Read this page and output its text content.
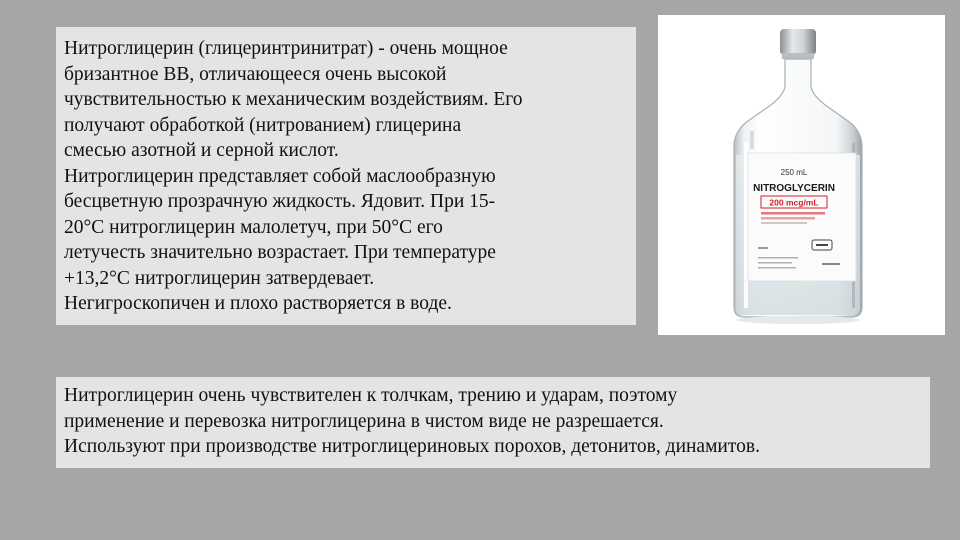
Нитроглицерин (глицеринтринитрат) - очень мощное
бризантное ВВ, отличающееся очень высокой
чувствительностью к механическим воздействиям. Его
получают обработкой (нитрованием) глицерина
смесью азотной и серной кислот.
Нитроглицерин представляет собой маслообразную
бесцветную прозрачную жидкость. Ядовит. При 15-
20°С нитроглицерин малолетуч, при 50°С его
летучесть значительно возрастает. При температуре
+13,2°С нитроглицерин затвердевает.
Негигроскопичен и плохо растворяется в воде.
250 mL
NITROGLYCERIN
200 mcg/mL
Нитроглицерин очень чувствителен к толчкам, трению и ударам, поэтому
применение и перевозка нитроглицерина в чистом виде не разрешается.
Используют при производстве нитроглицериновых порохов, детонитов, динамитов.
